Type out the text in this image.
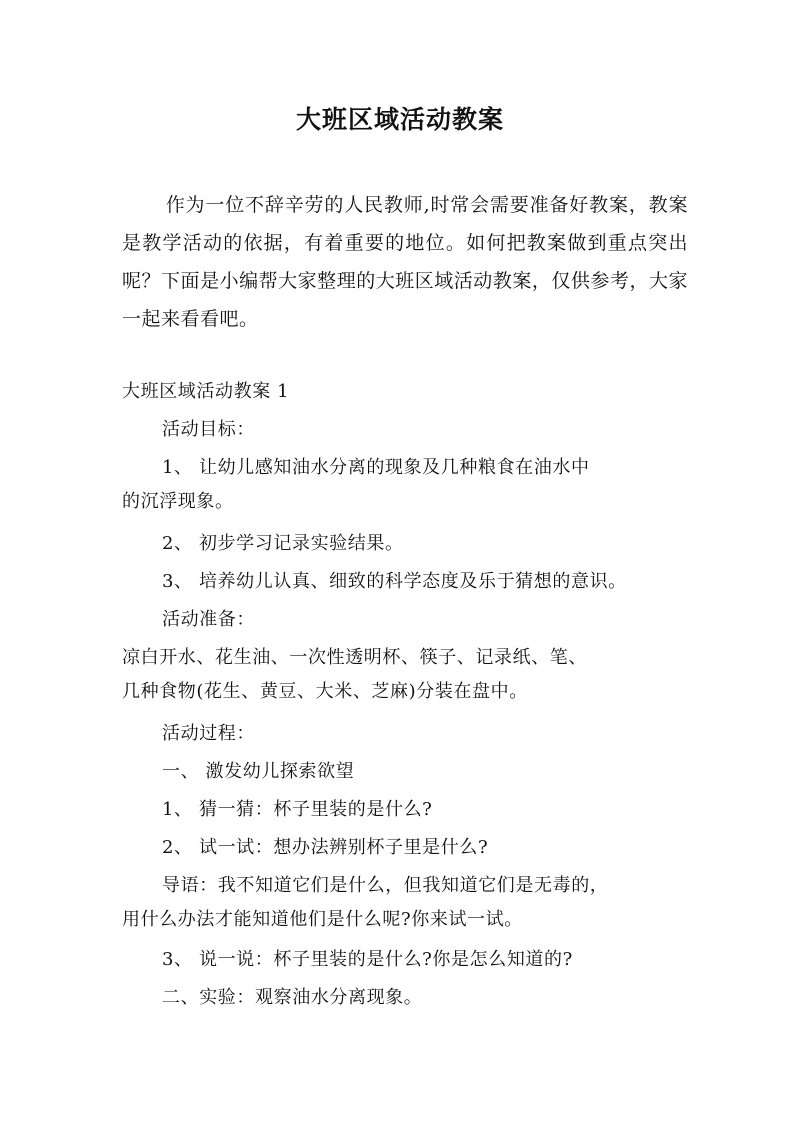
大班区域活动教案
作为一位不辞辛劳的人民教师,时常会需要准备好教案，教案是教学活动的依据，有着重要的地位。如何把教案做到重点突出呢？下面是小编帮大家整理的大班区域活动教案，仅供参考，大家一起来看看吧。
大班区域活动教案 1
活动目标：
1、 让幼儿感知油水分离的现象及几种粮食在油水中
的沉浮现象。
2、 初步学习记录实验结果。
3、 培养幼儿认真、细致的科学态度及乐于猜想的意识。
活动准备：
凉白开水、花生油、一次性透明杯、筷子、记录纸、笔、
几种食物(花生、黄豆、大米、芝麻)分装在盘中。
活动过程：
一、 激发幼儿探索欲望
1、 猜一猜：杯子里装的是什么?
2、 试一试：想办法辨别杯子里是什么?
导语：我不知道它们是什么，但我知道它们是无毒的，
用什么办法才能知道他们是什么呢?你来试一试。
3、 说一说：杯子里装的是什么?你是怎么知道的?
二、实验：观察油水分离现象。
